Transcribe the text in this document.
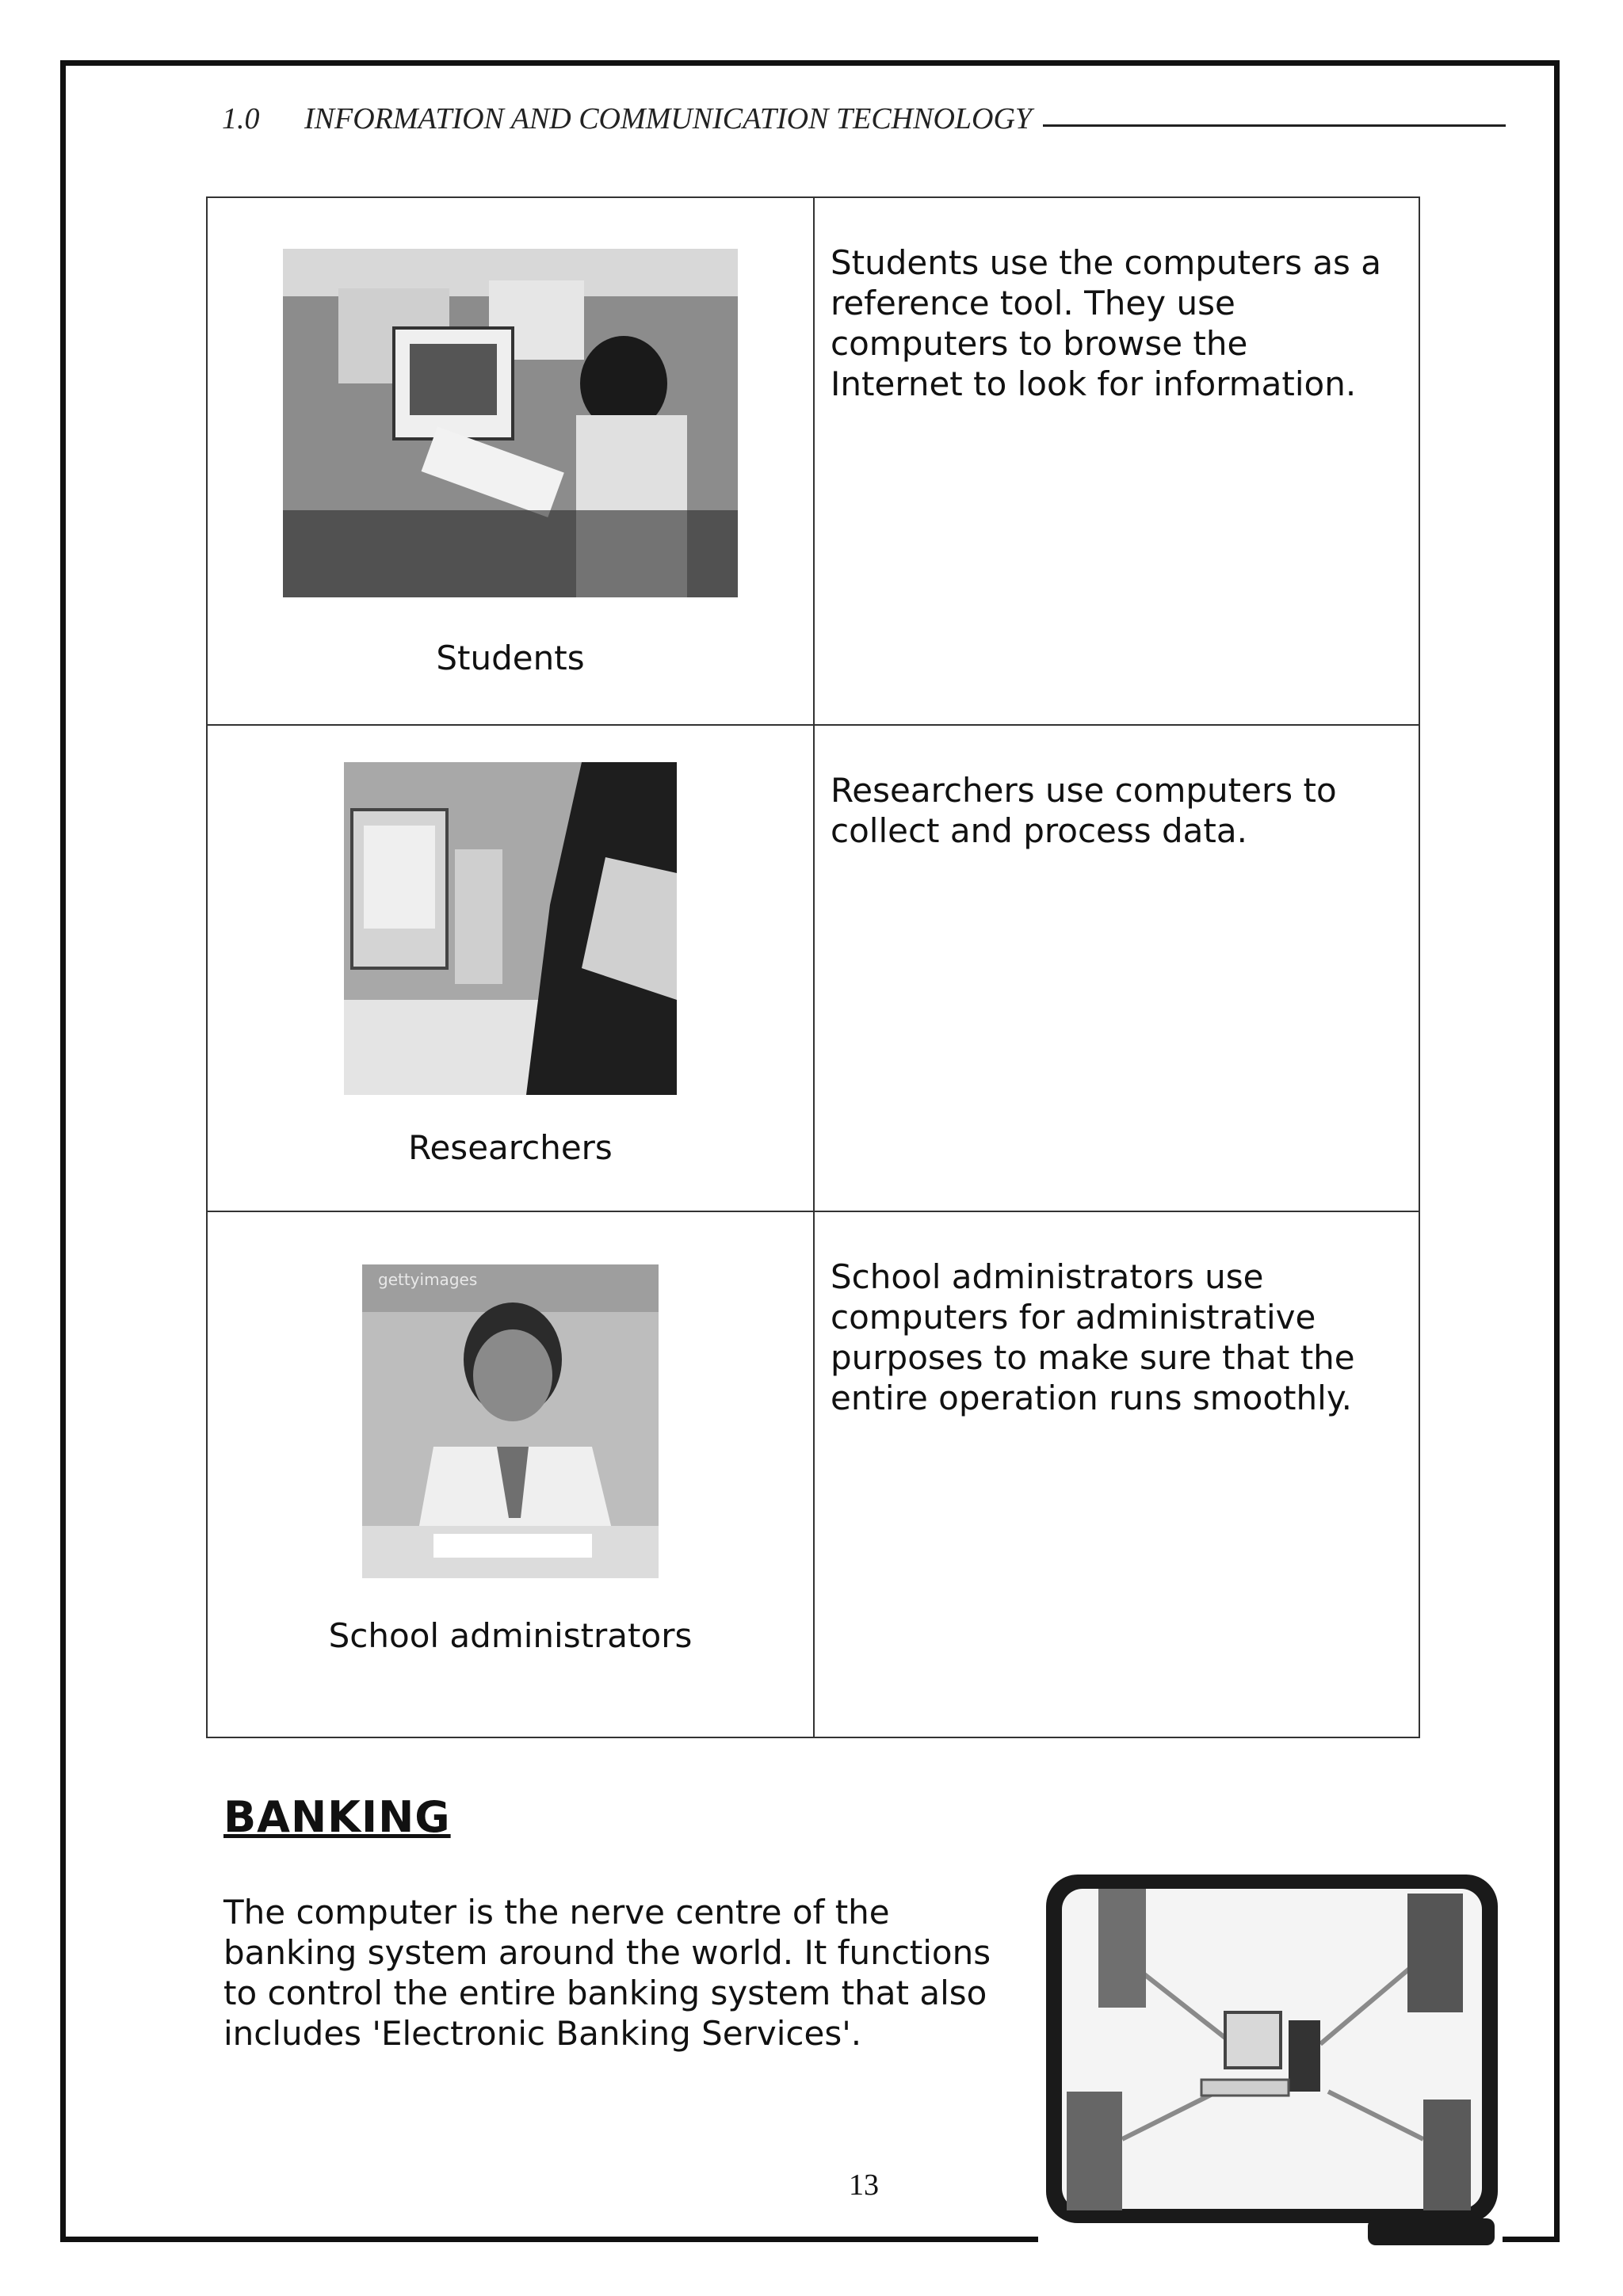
1.0	INFORMATION AND COMMUNICATION TECHNOLOGY
Students	Students use the computers as a reference tool. They use computers to browse the Internet to look for information.

Researchers	Researchers use computers to collect and process data.

gettyimages
School administrators	School administrators use computers for administrative purposes to make sure that the entire operation runs smoothly.
BANKING

The computer is the nerve centre of the banking system around the world. It functions to control the entire banking system that also includes 'Electronic Banking Services'.

13
